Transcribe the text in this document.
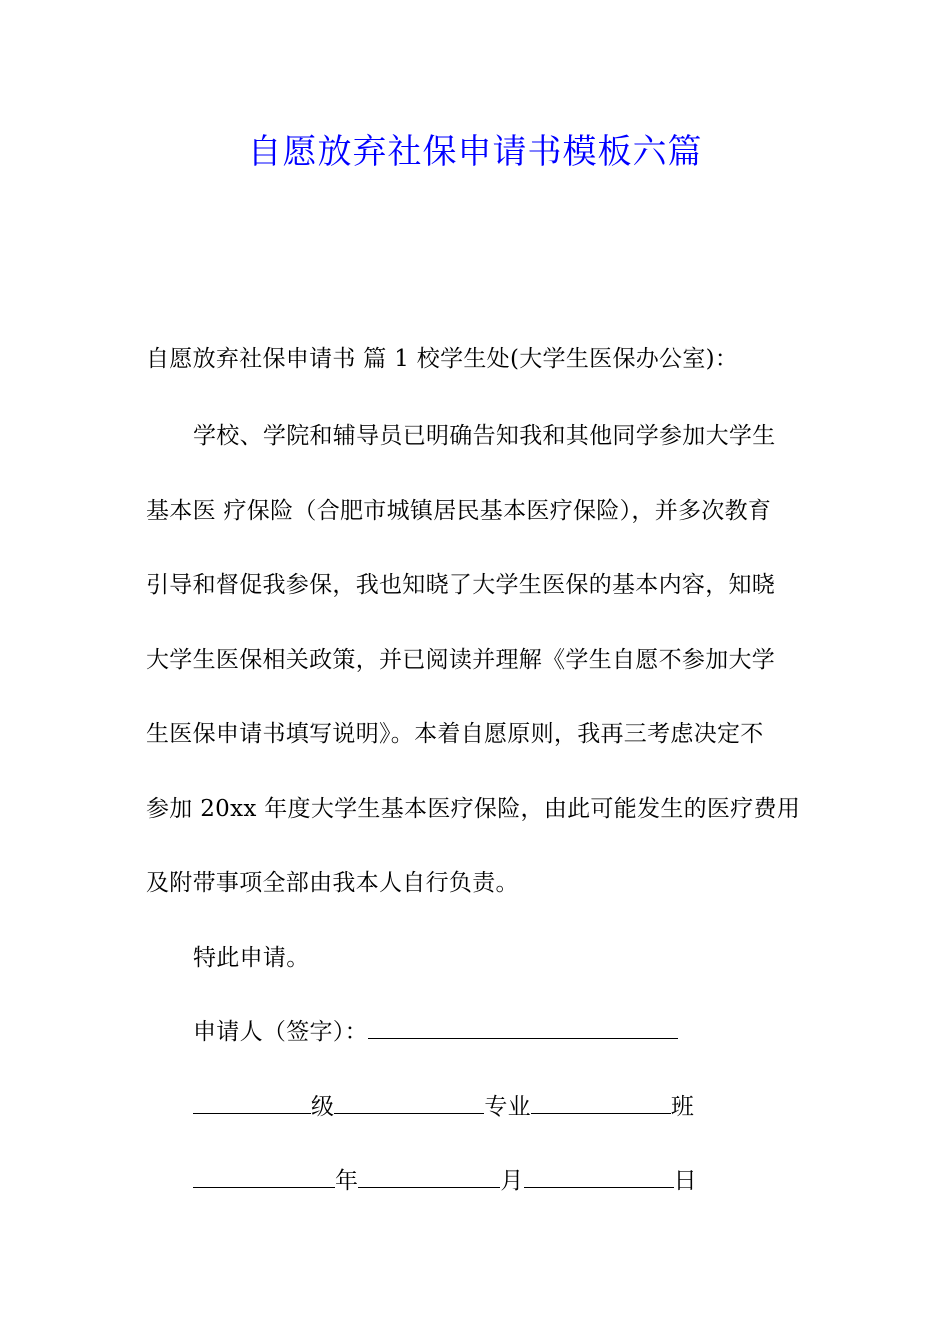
自愿放弃社保申请书模板六篇
自愿放弃社保申请书 篇 1 校学生处(大学生医保办公室)：
学校、学院和辅导员已明确告知我和其他同学参加大学生
基本医 疗保险（合肥市城镇居民基本医疗保险），并多次教育
引导和督促我参保，我也知晓了大学生医保的基本内容，知晓
大学生医保相关政策，并已阅读并理解《学生自愿不参加大学
生医保申请书填写说明》。本着自愿原则，我再三考虑决定不
参加 20xx 年度大学生基本医疗保险，由此可能发生的医疗费用
及附带事项全部由我本人自行负责。
特此申请。
申请人（签字）：
级	专业	班
年	月	日
